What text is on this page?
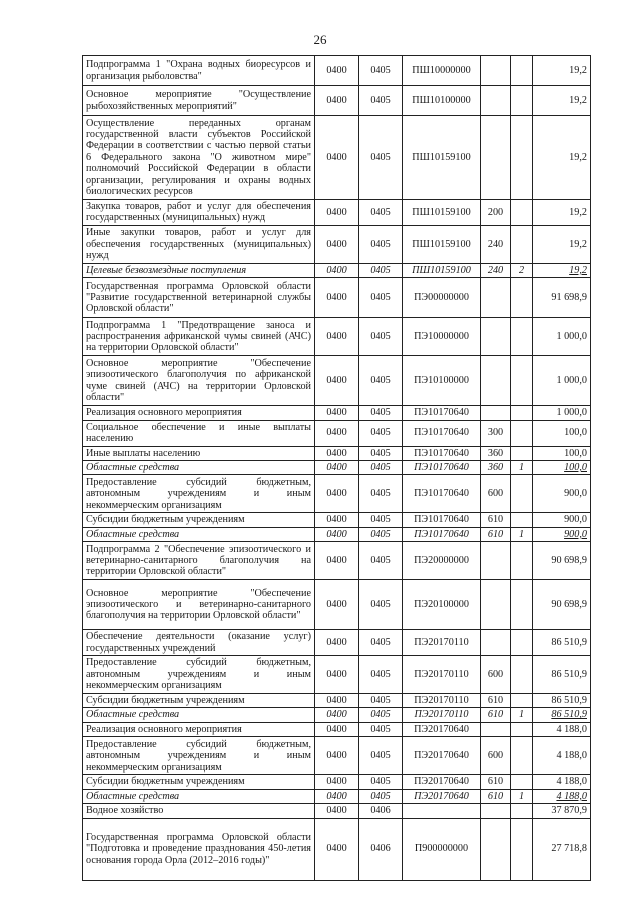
26
Подпрограмма 1 "Охрана водных биоресурсов и организация рыболовства"	0400	0405	ПШ10000000			19,2
Основное мероприятие "Осуществление рыбохозяйственных мероприятий"	0400	0405	ПШ10100000			19,2
Осуществление переданных органам государственной власти субъектов Российской Федерации в соответствии с частью первой статьи 6 Федерального закона "О животном мире" полномочий Российской Федерации в области организации, регулирования и охраны водных биологических ресурсов	0400	0405	ПШ10159100			19,2
Закупка товаров, работ и услуг для обеспечения государственных (муниципальных) нужд	0400	0405	ПШ10159100	200		19,2
Иные закупки товаров, работ и услуг для обеспечения государственных (муниципальных) нужд	0400	0405	ПШ10159100	240		19,2
Целевые безвозмездные поступления	0400	0405	ПШ10159100	240	2	19,2
Государственная программа Орловской области "Развитие государственной ветеринарной службы Орловской области"	0400	0405	ПЭ00000000			91 698,9
Подпрограмма 1 "Предотвращение заноса и распространения африканской чумы свиней (АЧС) на территории Орловской области"	0400	0405	ПЭ10000000			1 000,0
Основное мероприятие "Обеспечение эпизоотического благополучия по африканской чуме свиней (АЧС) на территории Орловской области"	0400	0405	ПЭ10100000			1 000,0
Реализация основного мероприятия	0400	0405	ПЭ10170640			1 000,0
Социальное обеспечение и иные выплаты населению	0400	0405	ПЭ10170640	300		100,0
Иные выплаты населению	0400	0405	ПЭ10170640	360		100,0
Областные средства	0400	0405	ПЭ10170640	360	1	100,0
Предоставление субсидий бюджетным, автономным учреждениям и иным некоммерческим организациям	0400	0405	ПЭ10170640	600		900,0
Субсидии бюджетным учреждениям	0400	0405	ПЭ10170640	610		900,0
Областные средства	0400	0405	ПЭ10170640	610	1	900,0
Подпрограмма 2 "Обеспечение эпизоотического и ветеринарно-санитарного благополучия на территории Орловской области"	0400	0405	ПЭ20000000			90 698,9
Основное мероприятие "Обеспечение эпизоотического и ветеринарно-санитарного благополучия на территории Орловской области"	0400	0405	ПЭ20100000			90 698,9
Обеспечение деятельности (оказание услуг) государственных учреждений	0400	0405	ПЭ20170110			86 510,9
Предоставление субсидий бюджетным, автономным учреждениям и иным некоммерческим организациям	0400	0405	ПЭ20170110	600		86 510,9
Субсидии бюджетным учреждениям	0400	0405	ПЭ20170110	610		86 510,9
Областные средства	0400	0405	ПЭ20170110	610	1	86 510,9
Реализация основного мероприятия	0400	0405	ПЭ20170640			4 188,0
Предоставление субсидий бюджетным, автономным учреждениям и иным некоммерческим организациям	0400	0405	ПЭ20170640	600		4 188,0
Субсидии бюджетным учреждениям	0400	0405	ПЭ20170640	610		4 188,0
Областные средства	0400	0405	ПЭ20170640	610	1	4 188,0
Водное хозяйство	0400	0406				37 870,9
Государственная программа Орловской области "Подготовка и проведение празднования 450-летия основания города Орла (2012–2016 годы)"	0400	0406	П900000000			27 718,8
